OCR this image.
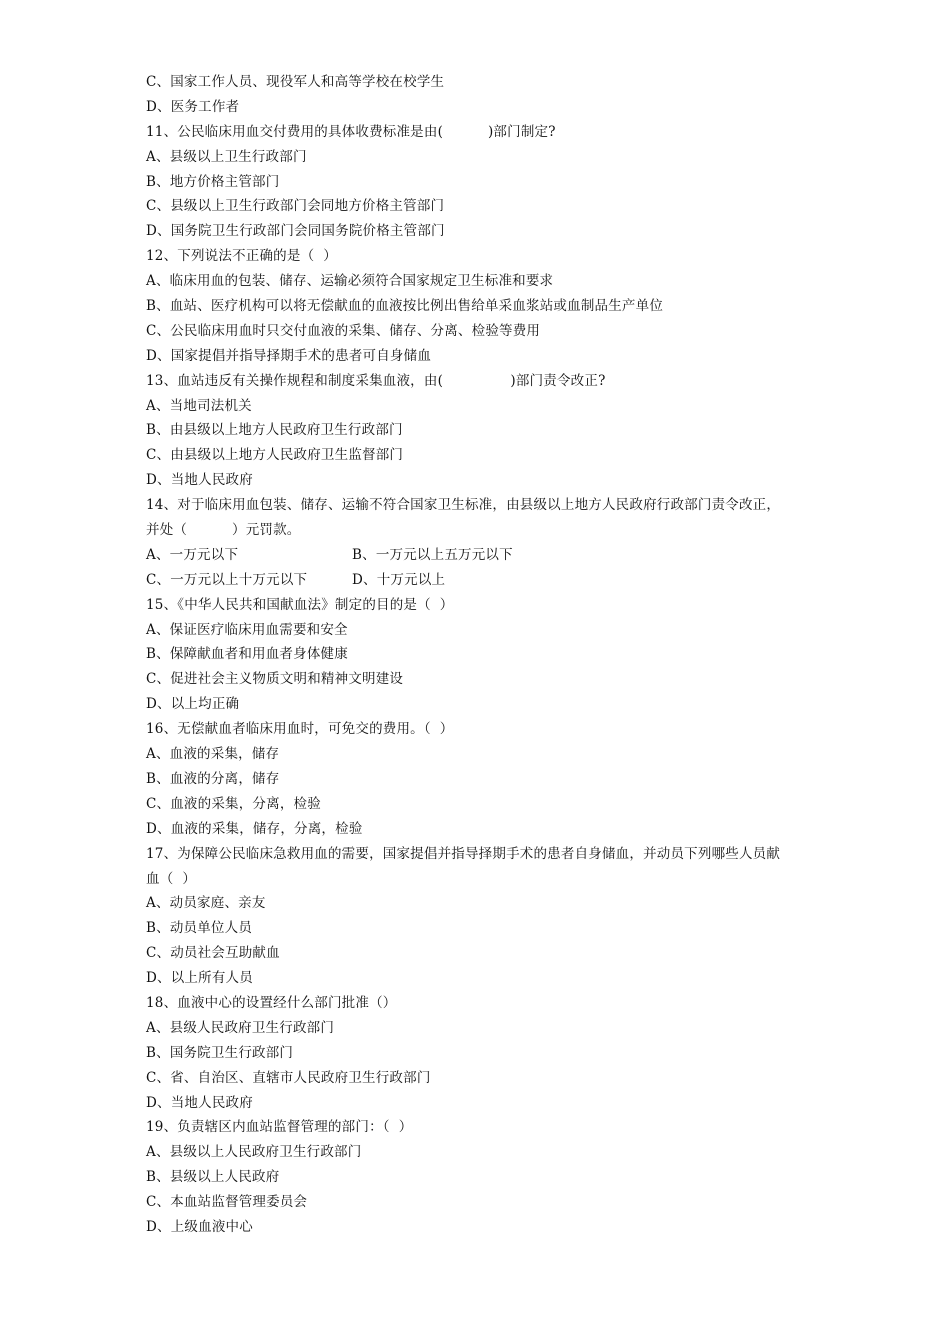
C、国家工作人员、现役军人和高等学校在校学生
D、医务工作者
11、公民临床用血交付费用的具体收费标准是由(          )部门制定?
A、县级以上卫生行政部门
B、地方价格主管部门
C、县级以上卫生行政部门会同地方价格主管部门
D、国务院卫生行政部门会同国务院价格主管部门
12、下列说法不正确的是（  ）
A、临床用血的包装、储存、运输必须符合国家规定卫生标准和要求
B、血站、医疗机构可以将无偿献血的血液按比例出售给单采血浆站或血制品生产单位
C、公民临床用血时只交付血液的采集、储存、分离、检验等费用
D、国家提倡并指导择期手术的患者可自身储血
13、血站违反有关操作规程和制度采集血液，由(               )部门责令改正?
A、当地司法机关
B、由县级以上地方人民政府卫生行政部门
C、由县级以上地方人民政府卫生监督部门
D、当地人民政府
14、对于临床用血包装、储存、运输不符合国家卫生标准，由县级以上地方人民政府行政部门责令改正，
并处（          ）元罚款。
A、一万元以下	B、一万元以上五万元以下
C、一万元以上十万元以下	D、十万元以上
15、《中华人民共和国献血法》制定的目的是（  ）
A、保证医疗临床用血需要和安全
B、保障献血者和用血者身体健康
C、促进社会主义物质文明和精神文明建设
D、以上均正确
16、无偿献血者临床用血时，可免交的费用。（  ）
A、血液的采集，储存
B、血液的分离，储存
C、血液的采集，分离，检验
D、血液的采集，储存，分离，检验
17、为保障公民临床急救用血的需要，国家提倡并指导择期手术的患者自身储血，并动员下列哪些人员献
血（  ）
A、动员家庭、亲友
B、动员单位人员
C、动员社会互助献血
D、以上所有人员
18、血液中心的设置经什么部门批准（）
A、县级人民政府卫生行政部门
B、国务院卫生行政部门
C、省、自治区、直辖市人民政府卫生行政部门
D、当地人民政府
19、负责辖区内血站监督管理的部门：（  ）
A、县级以上人民政府卫生行政部门
B、县级以上人民政府
C、本血站监督管理委员会
D、上级血液中心
